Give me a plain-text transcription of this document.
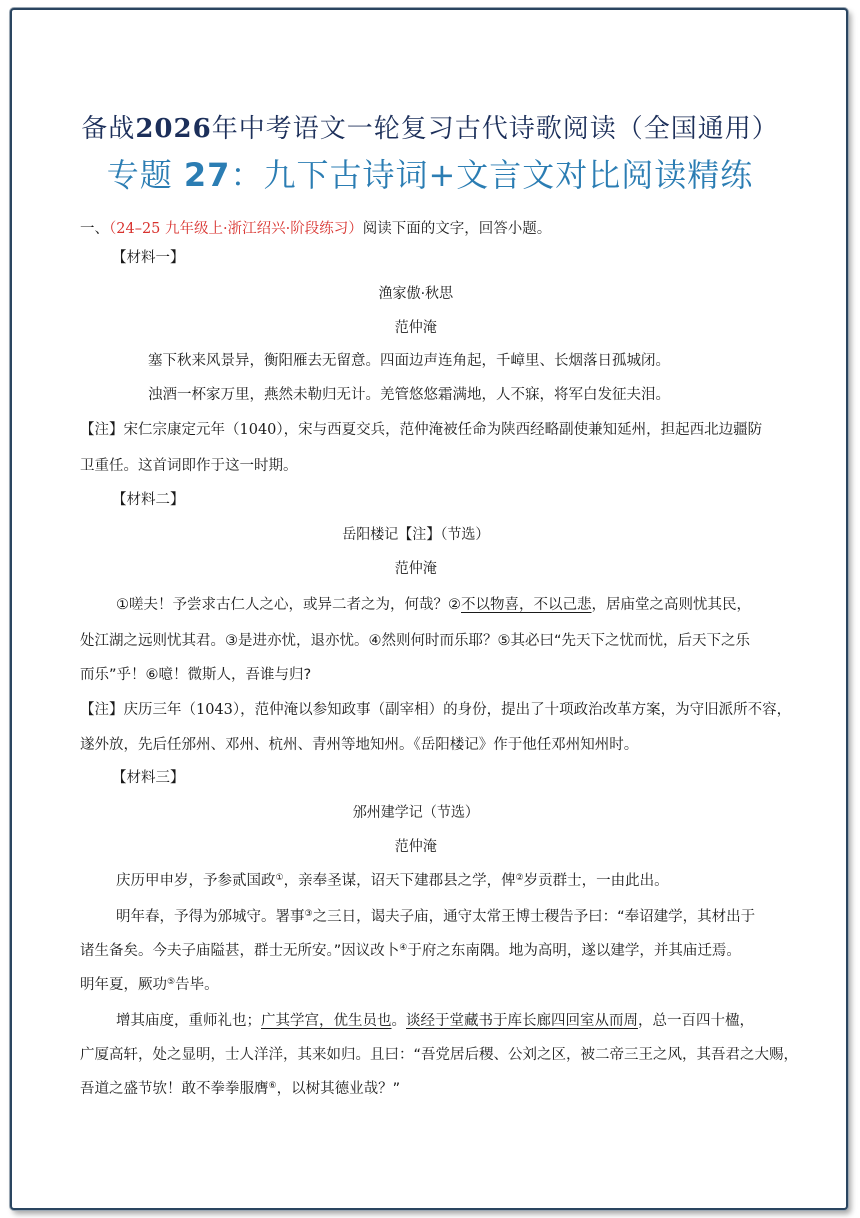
备战2026年中考语文一轮复习古代诗歌阅读（全国通用）
专题 27：九下古诗词+文言文对比阅读精练
一、（24–25 九年级上·浙江绍兴·阶段练习）阅读下面的文字，回答小题。
【材料一】
渔家傲·秋思
范仲淹
塞下秋来风景异，衡阳雁去无留意。四面边声连角起，千嶂里、长烟落日孤城闭。
浊酒一杯家万里，燕然未勒归无计。羌管悠悠霜满地，人不寐，将军白发征夫泪。
【注】宋仁宗康定元年（1040），宋与西夏交兵，范仲淹被任命为陕西经略副使兼知延州，担起西北边疆防
卫重任。这首词即作于这一时期。
【材料二】
岳阳楼记【注】（节选）
范仲淹
①嗟夫！予尝求古仁人之心，或异二者之为，何哉？②不以物喜，不以己悲，居庙堂之高则忧其民，
处江湖之远则忧其君。③是进亦忧，退亦忧。④然则何时而乐耶？⑤其必曰“先天下之忧而忧，后天下之乐
而乐”乎！⑥噫！微斯人，吾谁与归?
【注】庆历三年（1043），范仲淹以参知政事（副宰相）的身份，提出了十项政治改革方案，为守旧派所不容，
遂外放，先后任邠州、邓州、杭州、青州等地知州。《岳阳楼记》作于他任邓州知州时。
【材料三】
邠州建学记（节选）
范仲淹
庆历甲申岁，予参贰国政①，亲奉圣谋，诏天下建郡县之学，俾②岁贡群士，一由此出。
明年春，予得为邠城守。署事③之三日，谒夫子庙，通守太常王博士稷告予曰：“奉诏建学，其材出于
诸生备矣。今夫子庙隘甚，群士无所安。”因议改卜④于府之东南隅。地为高明，遂以建学，并其庙迁焉。
明年夏，厥功⑤告毕。
增其庙度，重师礼也；广其学宫，优生员也。谈经于堂藏书于库长廊四回室从而周，总一百四十楹，
广厦高轩，处之显明，士人洋洋，其来如归。且曰：“吾党居后稷、公刘之区，被二帝三王之风，其吾君之大赐，
吾道之盛节欤！敢不拳拳服膺⑥，以树其德业哉？”
